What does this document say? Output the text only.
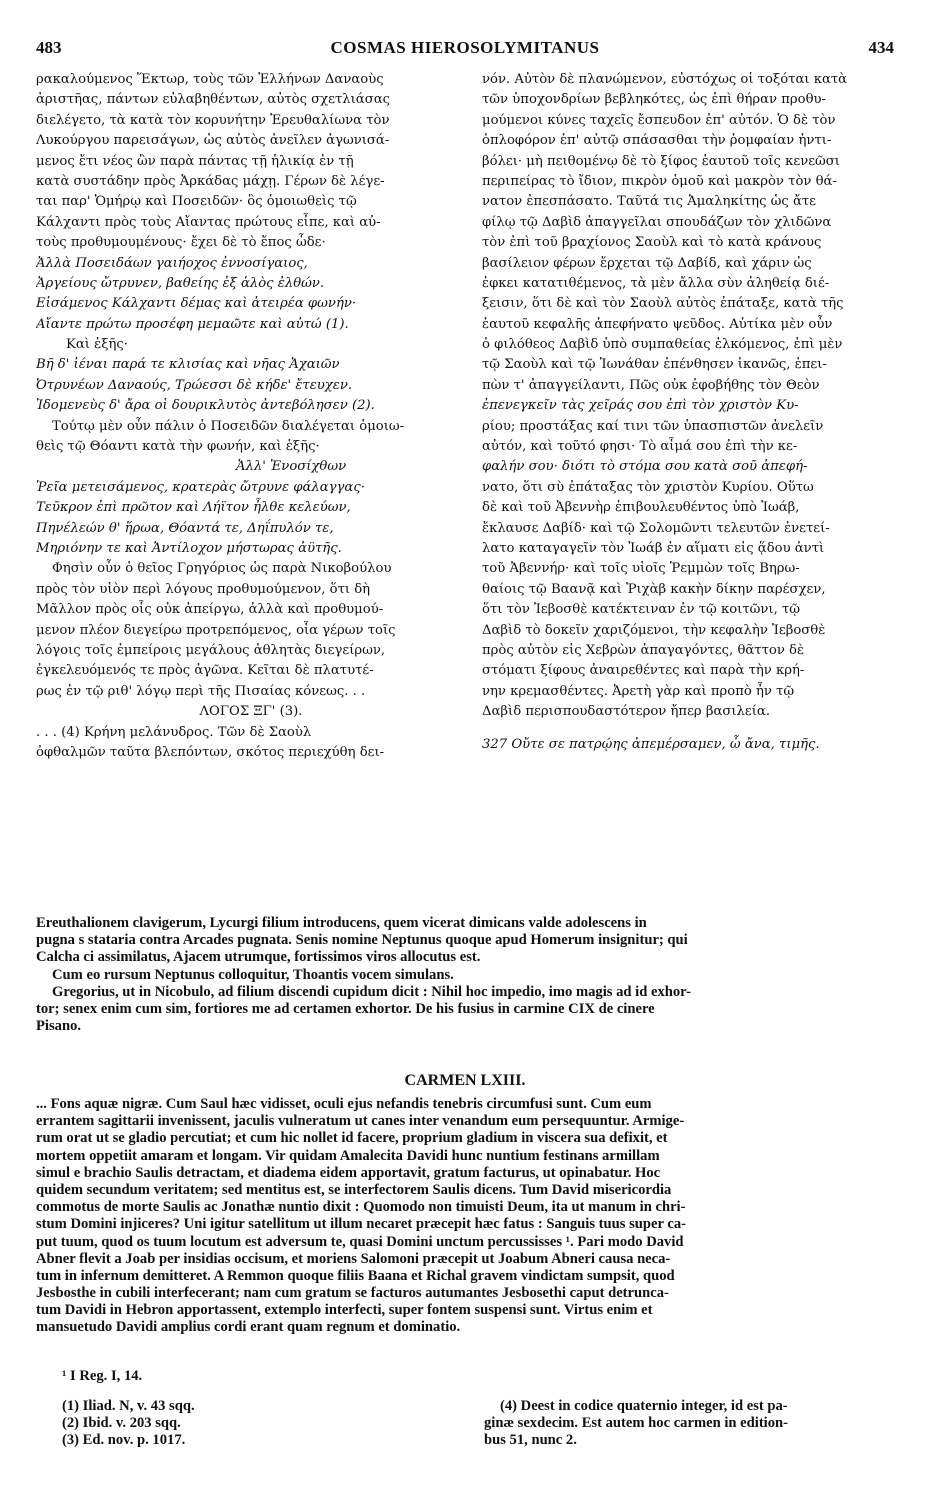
483	COSMAS HIEROSOLYMITANUS	434
ρακαλούμενος Ἕκτωρ, τοὺς τῶν Ἑλλήνων Δαναοὺς
ἀριστῆας, πάντων εὐλαβηθέντων, αὐτὸς σχετλιάσας
διελέγετο, τὰ κατὰ τὸν κορυνήτην Ἐρευθαλίωνα τὸν
Λυκούργου παρεισάγων, ὡς αὐτὸς ἀνεῖλεν ἀγωνισά-
μενος ἔτι νέος ὢν παρὰ πάντας τῇ ἡλικίᾳ ἐν τῇ
κατὰ συστάδην πρὸς Ἀρκάδας μάχῃ. Γέρων δὲ λέγε-
ται παρ' Ὁμήρῳ καὶ Ποσειδῶν· ὃς ὁμοιωθεὶς τῷ
Κάλχαντι πρὸς τοὺς Αἴαντας πρώτους εἶπε, καὶ αὐ-
τοὺς προθυμουμένους· ἔχει δὲ τὸ ἔπος ὧδε·
Ἀλλὰ Ποσειδάων γαιήοχος ἐννοσίγαιος,
Ἀργείους ὤτρυνεν, βαθείης ἐξ ἁλὸς ἐλθών.
Εἰσάμενος Κάλχαντι δέμας καὶ ἀτειρέα φωνήν·
Αἴαντε πρώτω προσέφη μεμαῶτε καὶ αὐτώ (1).
Καὶ ἑξῆς·
Βῆ δ' ἰέναι παρά τε κλισίας καὶ νῆας Ἀχαιῶν
Ὀτρυνέων Δαναούς, Τρώεσσι δὲ κήδε' ἔτευχεν.
Ἰδομενεὺς δ' ἄρα οἱ δουρικλυτὸς ἀντεβόλησεν (2).
Τούτῳ μὲν οὖν πάλιν ὁ Ποσειδῶν διαλέγεται ὁμοιω-
θεὶς τῷ Θόαντι κατὰ τὴν φωνήν, καὶ ἑξῆς·
Ἀλλ' Ἐνοσίχθων
Ῥεῖα μετεισάμενος, κρατερὰς ὤτρυνε φάλαγγας·
Τεῦκρον ἐπὶ πρῶτον καὶ Λήϊτον ἦλθε κελεύων,
Πηνέλεών θ' ἥρωα, Θόαντά τε, Δηΐπυλόν τε,
Μηριόνην τε καὶ Ἀντίλοχον μήστωρας ἀϋτῆς.
Φησὶν οὖν ὁ θεῖος Γρηγόριος ὡς παρὰ Νικοβούλου
πρὸς τὸν υἱὸν περὶ λόγους προθυμούμενον, ὅτι δὴ
Μᾶλλον πρὸς οἷς οὐκ ἀπείργω, ἀλλὰ καὶ προθυμού-
μενον πλέον διεγείρω προτρεπόμενος, οἷα γέρων τοῖς
λόγοις τοῖς ἐμπείροις μεγάλους ἀθλητὰς διεγείρων,
ἐγκελευόμενός τε πρὸς ἀγῶνα. Κεῖται δὲ πλατυτέ-
ρως ἐν τῷ ριθ' λόγῳ περὶ τῆς Πισαίας κόνεως. . .
ΛΟΓΟΣ ΞΓ' (3).
. . . (4) Κρήνη μελάνυδρος. Τῶν δὲ Σαοὺλ
ὀφθαλμῶν ταῦτα βλεπόντων, σκότος περιεχύθη δει-
νόν. Αὐτὸν δὲ πλανώμενον, εὐστόχως οἱ τοξόται κατὰ
τῶν ὑποχονδρίων βεβληκότες, ὡς ἐπὶ θήραν προθυ-
μούμενοι κύνες ταχεῖς ἔσπευδον ἐπ' αὐτόν. Ὁ δὲ τὸν
ὁπλοφόρον ἐπ' αὐτῷ σπάσασθαι τὴν ῥομφαίαν ἠντι-
βόλει· μὴ πειθομένῳ δὲ τὸ ξίφος ἑαυτοῦ τοῖς κενεῶσι
περιπείρας τὸ ἴδιον, πικρὸν ὁμοῦ καὶ μακρὸν τὸν θά-
νατον ἐπεσπάσατο. Ταῦτά τις Ἀμαληκίτης ὡς ἄτε
φίλῳ τῷ Δαβὶδ ἀπαγγεῖλαι σπουδάζων τὸν χλιδῶνα
τὸν ἐπὶ τοῦ βραχίονος Σαοὺλ καὶ τὸ κατὰ κράνους
βασίλειον φέρων ἔρχεται τῷ Δαβίδ, καὶ χάριν ὡς
ἐφκει κατατιθέμενος, τὰ μὲν ἄλλα σὺν ἀληθείᾳ διέ-
ξεισιν, ὅτι δὲ καὶ τὸν Σαοὺλ αὐτὸς ἐπάταξε, κατὰ τῆς
ἑαυτοῦ κεφαλῆς ἀπεφήνατο ψεῦδος. Αὐτίκα μὲν οὖν
ὁ φιλόθεος Δαβὶδ ὑπὸ συμπαθείας ἑλκόμενος, ἐπὶ μὲν
τῷ Σαοὺλ καὶ τῷ Ἰωνάθαν ἐπένθησεν ἱκανῶς, ἐπει-
πὼν τ' ἀπαγγείλαντι, Πῶς οὐκ ἐφοβήθης τὸν Θεὸν
ἐπενεγκεῖν τὰς χεῖράς σου ἐπὶ τὸν χριστὸν Κυ-
ρίου; προστάξας καί τινι τῶν ὑπασπιστῶν ἀνελεῖν
αὐτόν, καὶ τοῦτό φησι· Τὸ αἷμά σου ἐπὶ τὴν κε-
φαλήν σου· διότι τὸ στόμα σου κατὰ σοῦ ἀπεφή-
νατο, ὅτι σὺ ἐπάταξας τὸν χριστὸν Κυρίου. Οὕτω
δὲ καὶ τοῦ Ἀβεννὴρ ἐπιβουλευθέντος ὑπὸ Ἰωάβ,
ἔκλαυσε Δαβίδ· καὶ τῷ Σολομῶντι τελευτῶν ἐνετεί-
λατο καταγαγεῖν τὸν Ἰωάβ ἐν αἵματι εἰς ᾅδου ἀντὶ
τοῦ Ἀβεννήρ· καὶ τοῖς υἱοῖς Ῥεμμὼν τοῖς Βηρω-
θαίοις τῷ Βαανᾷ καὶ Ῥιχὰβ κακὴν δίκην παρέσχεν,
ὅτι τὸν Ἰεβοσθὲ κατέκτειναν ἐν τῷ κοιτῶνι, τῷ
Δαβὶδ τὸ δοκεῖν χαριζόμενοι, τὴν κεφαλὴν Ἰεβοσθὲ
πρὸς αὐτὸν εἰς Χεβρὼν ἀπαγαγόντες, θᾶττον δὲ
στόματι ξίφους ἀναιρεθέντες καὶ παρὰ τὴν κρή-
νην κρεμασθέντες. Ἀρετὴ γὰρ καὶ προπὸ ἦν τῷ
Δαβὶδ περισπουδαστότερον ἤπερ βασιλεία.
327 Οὔτε σε πατρῴης ἀπεμέρσαμεν, ὦ ἄνα, τιμῆς.
Ereuthalionem clavigerum, Lycurgi filium introducens, quem vicerat dimicans valde adolescens in
pugna s stataria contra Arcades pugnata. Senis nomine Neptunus quoque apud Homerum insignitur; qui
Calcha ci assimilatus, Ajacem utrumque, fortissimos viros allocutus est.
Cum eo rursum Neptunus colloquitur, Thoantis vocem simulans.
Gregorius, ut in Nicobulo, ad filium discendi cupidum dicit : Nihil hoc impedio, imo magis ad id exhor-
tor; senex enim cum sim, fortiores me ad certamen exhortor. De his fusius in carmine CIX de cinere
Pisano.
CARMEN LXIII.
... Fons aquæ nigræ. Cum Saul hæc vidisset, oculi ejus nefandis tenebris circumfusi sunt. Cum eum
errantem sagittarii invenissent, jaculis vulneratum ut canes inter venandum eum persequuntur. Armige-
rum orat ut se gladio percutiat; et cum hic nollet id facere, proprium gladium in viscera sua defixit, et
mortem oppetiit amaram et longam. Vir quidam Amalecita Davidi hunc nuntium festinans armillam
simul e brachio Saulis detractam, et diadema eidem apportavit, gratum facturus, ut opinabatur. Hoc
quidem secundum veritatem; sed mentitus est, se interfectorem Saulis dicens. Tum David misericordia
commotus de morte Saulis ac Jonathæ nuntio dixit : Quomodo non timuisti Deum, ita ut manum in chri-
stum Domini injiceres? Uni igitur satellitum ut illum necaret præcepit hæc fatus : Sanguis tuus super ca-
put tuum, quod os tuum locutum est adversum te, quasi Domini unctum percussisses ¹. Pari modo David
Abner flevit a Joab per insidias occisum, et moriens Salomoni præcepit ut Joabum Abneri causa neca-
tum in infernum demitteret. A Remmon quoque filiis Baana et Richal gravem vindictam sumpsit, quod
Jesbosthe in cubili interfecerant; nam cum gratum se facturos autumantes Jesbosethi caput detrunca-
tum Davidi in Hebron apportassent, extemplo interfecti, super fontem suspensi sunt. Virtus enim et
mansuetudo Davidi amplius cordi erant quam regnum et dominatio.
¹ I Reg. I, 14.
(1) Iliad. N, v. 43 sqq.
(2) Ibid. v. 203 sqq.
(3) Ed. nov. p. 1017.
(4) Deest in codice quaternio integer, id est pa-
ginæ sexdecim. Est autem hoc carmen in edition-
bus 51, nunc 2.
